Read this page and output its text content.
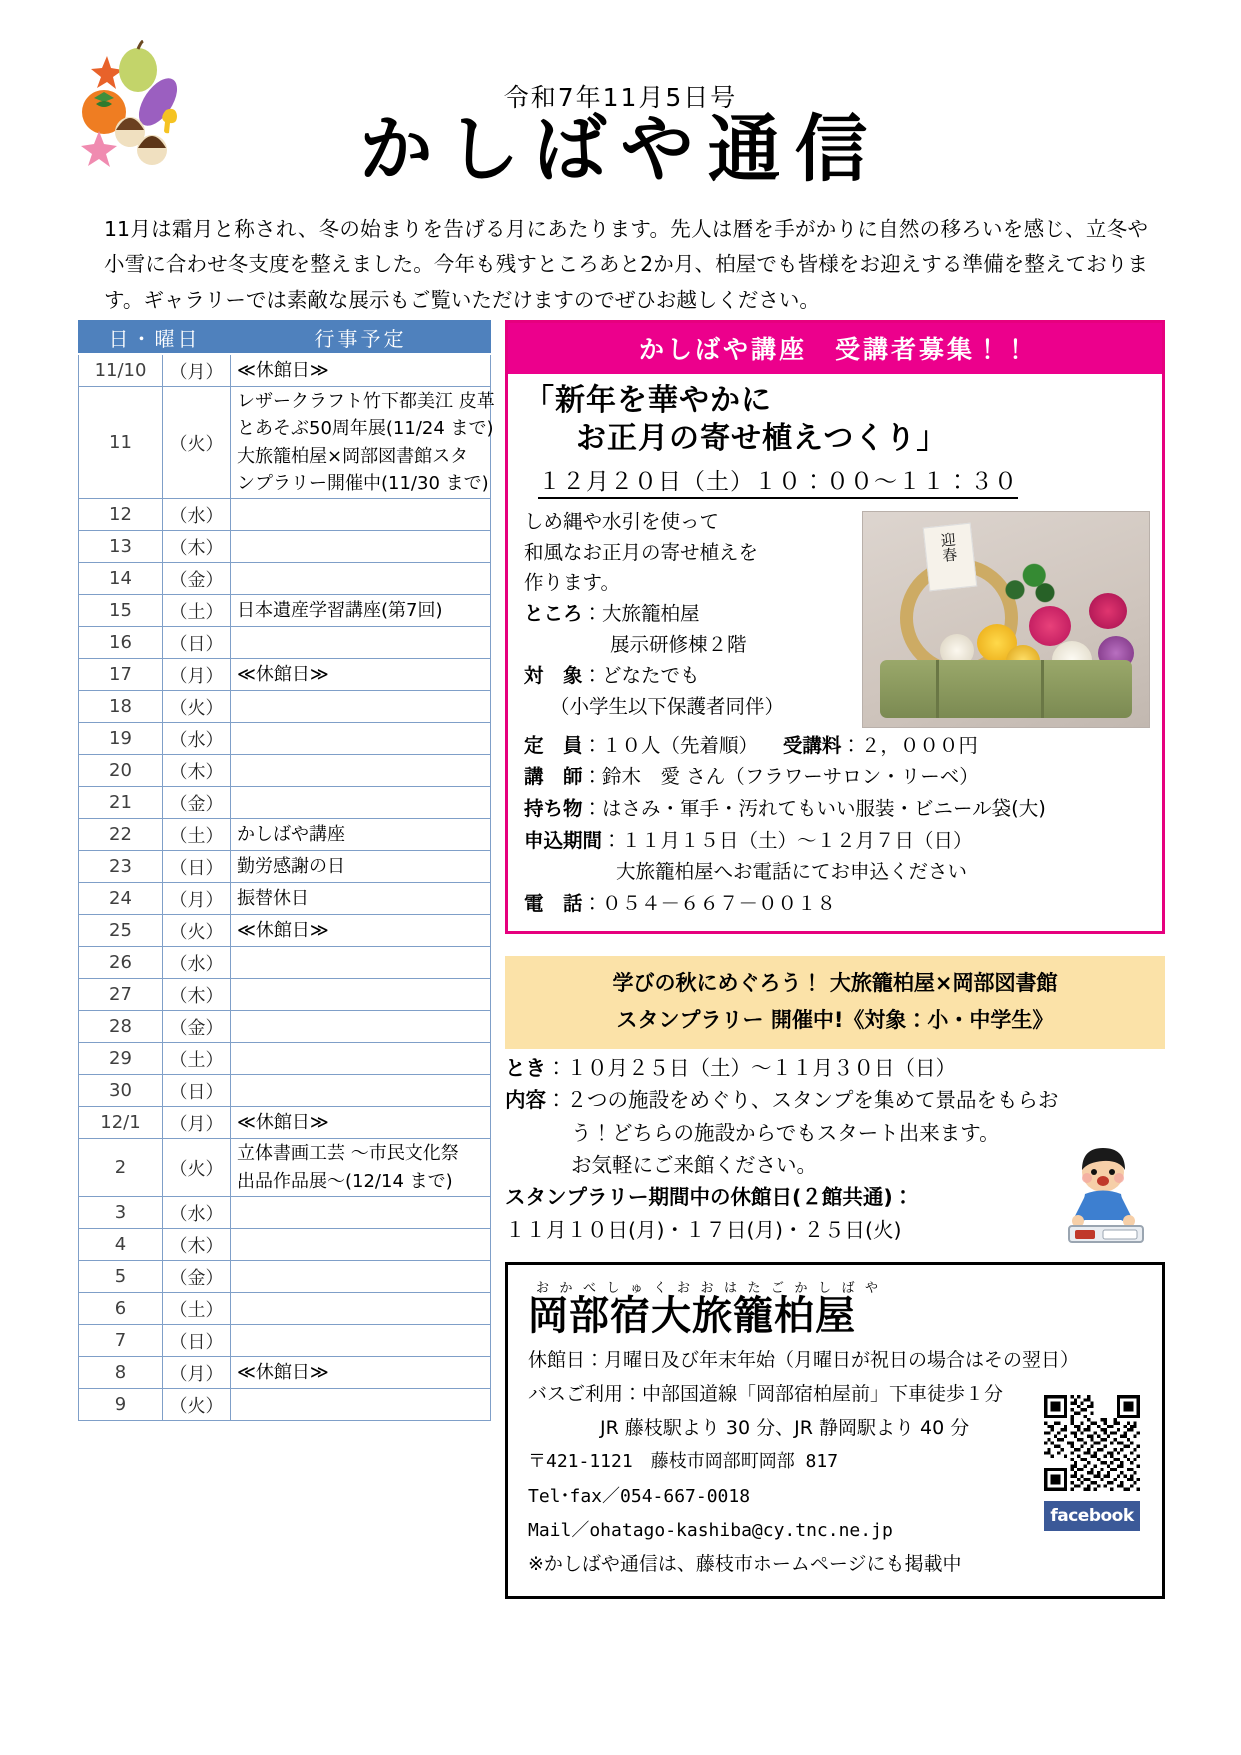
令和7年11月5日号
かしばや通信
11月は霜月と称され、冬の始まりを告げる月にあたります。先人は暦を手がかりに自然の移ろいを感じ、立冬や小雪に合わせ冬支度を整えました。今年も残すところあと2か月、柏屋でも皆様をお迎えする準備を整えております。ギャラリーでは素敵な展示もご覧いただけますのでぜひお越しください。
日・曜日		行事予定
11/10	（月）	≪休館日≫

11	（火）	レザークラフト竹下都美江 皮革
とあそぶ50周年展(11/24 まで)
大旅籠柏屋×岡部図書館スタ
ンプラリー開催中(11/30 まで)

12	（水）	
13	（木）	
14	（金）	
15	（土）	日本遺産学習講座(第7回)

16	（日）	
17	（月）	≪休館日≫

18	（火）	
19	（水）	
20	（木）	
21	（金）	
22	（土）	かしばや講座

23	（日）	勤労感謝の日

24	（月）	振替休日

25	（火）	≪休館日≫

26	（水）	
27	（木）	
28	（金）	
29	（土）	
30	（日）	
12/1	（月）	≪休館日≫

2	（火）	立体書画工芸 ～市民文化祭
出品作品展～(12/14 まで)

3	（水）	
4	（木）	
5	（金）	
6	（土）	
7	（日）	
8	（月）	≪休館日≫

9	（火）	
かしばや講座　受講者募集！！
「新年を華やかに
お正月の寄せ植えつくり」
１２月２０日（土）１０：００～１１：３０
しめ縄や水引を使って
和風なお正月の寄せ植えを
作ります。
ところ：大旅籠柏屋
展示研修棟２階
対　象：どなたでも
（小学生以下保護者同伴）
迎春
定　員：１０人（先着順） 受講料：２，０００円
講　師：鈴木　愛 さん（フラワーサロン・リーベ）
持ち物：はさみ・軍手・汚れてもいい服装・ビニール袋(大)
申込期間：１１月１５日（土）～１２月７日（日）
大旅籠柏屋へお電話にてお申込ください
電　話：０５４－６６７－００１８
学びの秋にめぐろう！ 大旅籠柏屋×岡部図書館
スタンプラリー 開催中!《対象：小・中学生》
とき：１０月２５日（土）～１１月３０日（日）
内容：２つの施設をめぐり、スタンプを集めて景品をもらお
う！どちらの施設からでもスタート出来ます。
お気軽にご来館ください。
スタンプラリー期間中の休館日(２館共通)：
１１月１０日(月)・１７日(月)・２５日(火)
おかべしゅくおおはたごかしばや
岡部宿大旅籠柏屋
休館日：月曜日及び年末年始（月曜日が祝日の場合はその翌日）
バスご利用：中部国道線「岡部宿柏屋前」下車徒歩１分
JR 藤枝駅より 30 分、JR 静岡駅より 40 分
〒421-1121　藤枝市岡部町岡部 817
Tel･fax／054-667-0018
Mail／ohatago-kashiba@cy.tnc.ne.jp
※かしばや通信は、藤枝市ホームページにも掲載中
facebook
